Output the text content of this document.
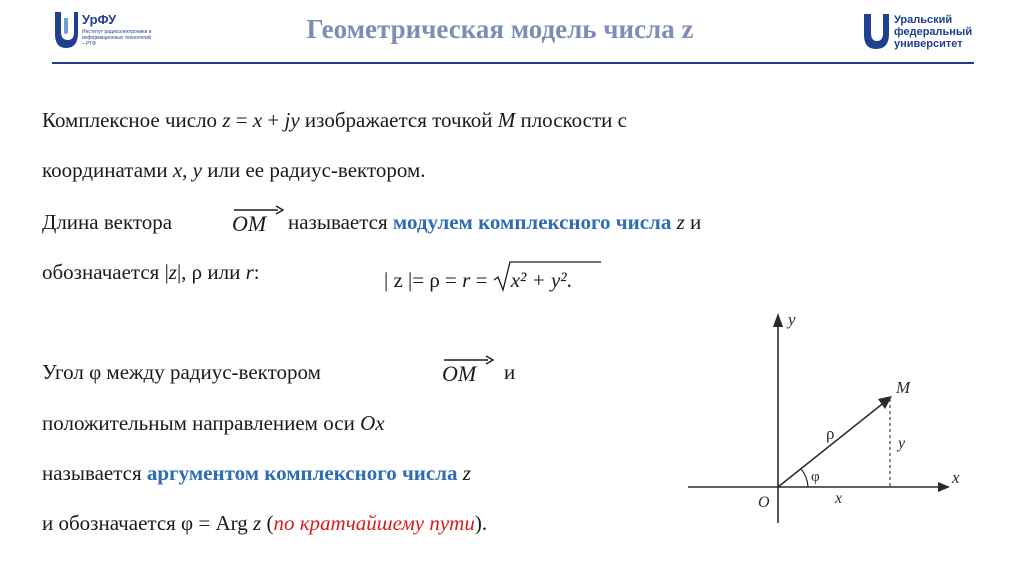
УрФУ
Институт радиоэлектроники и информационных технологий – РТФ	Геометрическая модель числа z	Уральский
федеральный
университет
Комплексное число z = x + jy изображается точкой M плоскости с
координатами x, y или ее радиус-вектором.
Длина вектора	OM называется модулем комплексного числа z и
обозначается |z|, ρ или r:	| z |= ρ = r =
x² + y².
Угол φ между радиус-вектором	OM и
положительным направлением оси Ox
называется аргументом комплексного числа z
и обозначается φ = Arg z (по кратчайшему пути).
y
x
O
M
ρ
φ
x
y
